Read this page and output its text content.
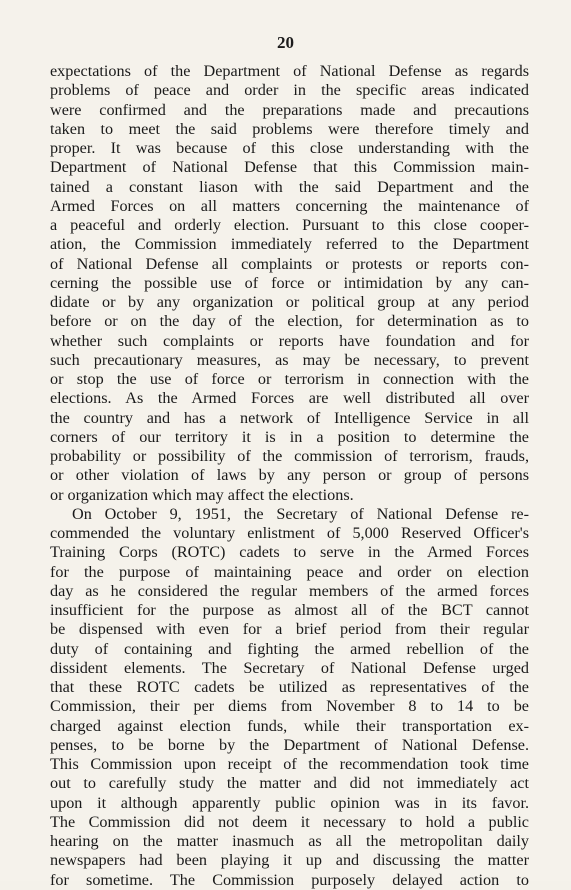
20
expectations of the Department of National Defense as regards
problems of peace and order in the specific areas indicated
were confirmed and the preparations made and precautions
taken to meet the said problems were therefore timely and
proper. It was because of this close understanding with the
Department of National Defense that this Commission main-
tained a constant liason with the said Department and the
Armed Forces on all matters concerning the maintenance of
a peaceful and orderly election. Pursuant to this close cooper-
ation, the Commission immediately referred to the Department
of National Defense all complaints or protests or reports con-
cerning the possible use of force or intimidation by any can-
didate or by any organization or political group at any period
before or on the day of the election, for determination as to
whether such complaints or reports have foundation and for
such precautionary measures, as may be necessary, to prevent
or stop the use of force or terrorism in connection with the
elections. As the Armed Forces are well distributed all over
the country and has a network of Intelligence Service in all
corners of our territory it is in a position to determine the
probability or possibility of the commission of terrorism, frauds,
or other violation of laws by any person or group of persons
or organization which may affect the elections.
On October 9, 1951, the Secretary of National Defense re-
commended the voluntary enlistment of 5,000 Reserved Officer's
Training Corps (ROTC) cadets to serve in the Armed Forces
for the purpose of maintaining peace and order on election
day as he considered the regular members of the armed forces
insufficient for the purpose as almost all of the BCT cannot
be dispensed with even for a brief period from their regular
duty of containing and fighting the armed rebellion of the
dissident elements. The Secretary of National Defense urged
that these ROTC cadets be utilized as representatives of the
Commission, their per diems from November 8 to 14 to be
charged against election funds, while their transportation ex-
penses, to be borne by the Department of National Defense.
This Commission upon receipt of the recommendation took time
out to carefully study the matter and did not immediately act
upon it although apparently public opinion was in its favor.
The Commission did not deem it necessary to hold a public
hearing on the matter inasmuch as all the metropolitan daily
newspapers had been playing it up and discussing the matter
for sometime. The Commission purposely delayed action to
